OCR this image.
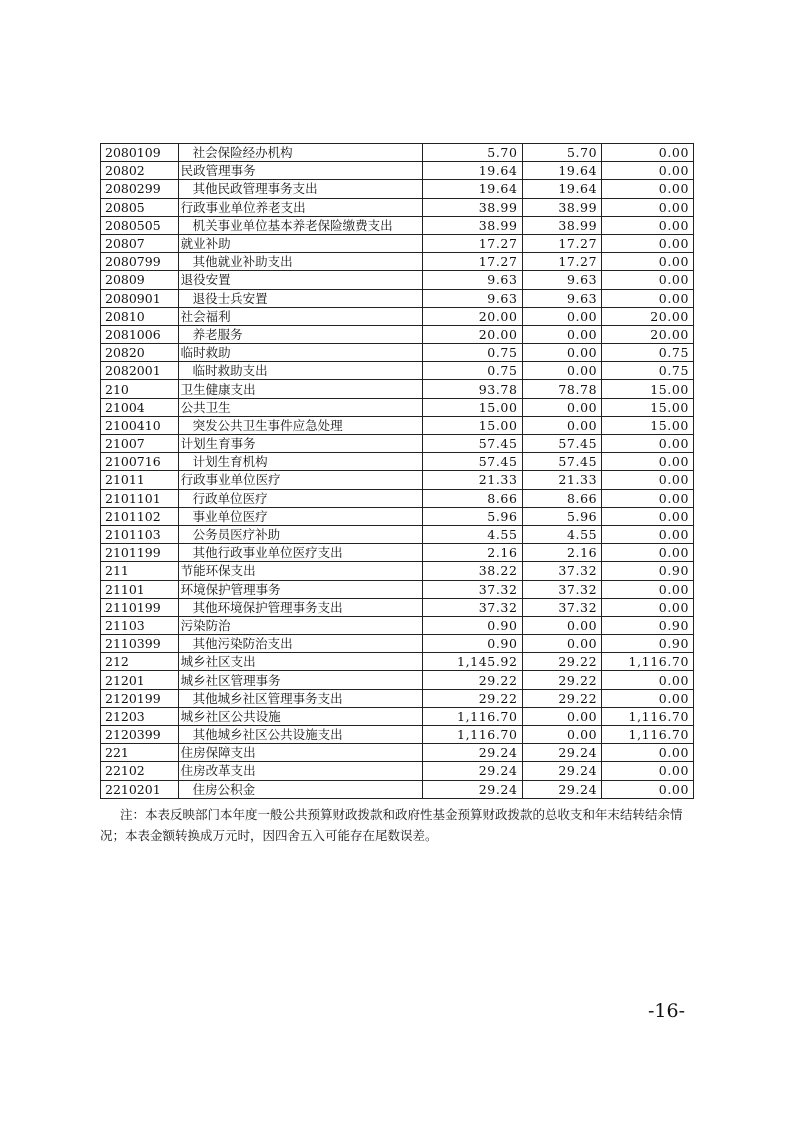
2080109	社会保险经办机构	5.70	5.70	0.00
20802	民政管理事务	19.64	19.64	0.00
2080299	其他民政管理事务支出	19.64	19.64	0.00
20805	行政事业单位养老支出	38.99	38.99	0.00
2080505	机关事业单位基本养老保险缴费支出	38.99	38.99	0.00
20807	就业补助	17.27	17.27	0.00
2080799	其他就业补助支出	17.27	17.27	0.00
20809	退役安置	9.63	9.63	0.00
2080901	退役士兵安置	9.63	9.63	0.00
20810	社会福利	20.00	0.00	20.00
2081006	养老服务	20.00	0.00	20.00
20820	临时救助	0.75	0.00	0.75
2082001	临时救助支出	0.75	0.00	0.75
210	卫生健康支出	93.78	78.78	15.00
21004	公共卫生	15.00	0.00	15.00
2100410	突发公共卫生事件应急处理	15.00	0.00	15.00
21007	计划生育事务	57.45	57.45	0.00
2100716	计划生育机构	57.45	57.45	0.00
21011	行政事业单位医疗	21.33	21.33	0.00
2101101	行政单位医疗	8.66	8.66	0.00
2101102	事业单位医疗	5.96	5.96	0.00
2101103	公务员医疗补助	4.55	4.55	0.00
2101199	其他行政事业单位医疗支出	2.16	2.16	0.00
211	节能环保支出	38.22	37.32	0.90
21101	环境保护管理事务	37.32	37.32	0.00
2110199	其他环境保护管理事务支出	37.32	37.32	0.00
21103	污染防治	0.90	0.00	0.90
2110399	其他污染防治支出	0.90	0.00	0.90
212	城乡社区支出	1,145.92	29.22	1,116.70
21201	城乡社区管理事务	29.22	29.22	0.00
2120199	其他城乡社区管理事务支出	29.22	29.22	0.00
21203	城乡社区公共设施	1,116.70	0.00	1,116.70
2120399	其他城乡社区公共设施支出	1,116.70	0.00	1,116.70
221	住房保障支出	29.24	29.24	0.00
22102	住房改革支出	29.24	29.24	0.00
2210201	住房公积金	29.24	29.24	0.00
注：本表反映部门本年度一般公共预算财政拨款和政府性基金预算财政拨款的总收支和年末结转结余情况；本表金额转换成万元时，因四舍五入可能存在尾数误差。
-16-
